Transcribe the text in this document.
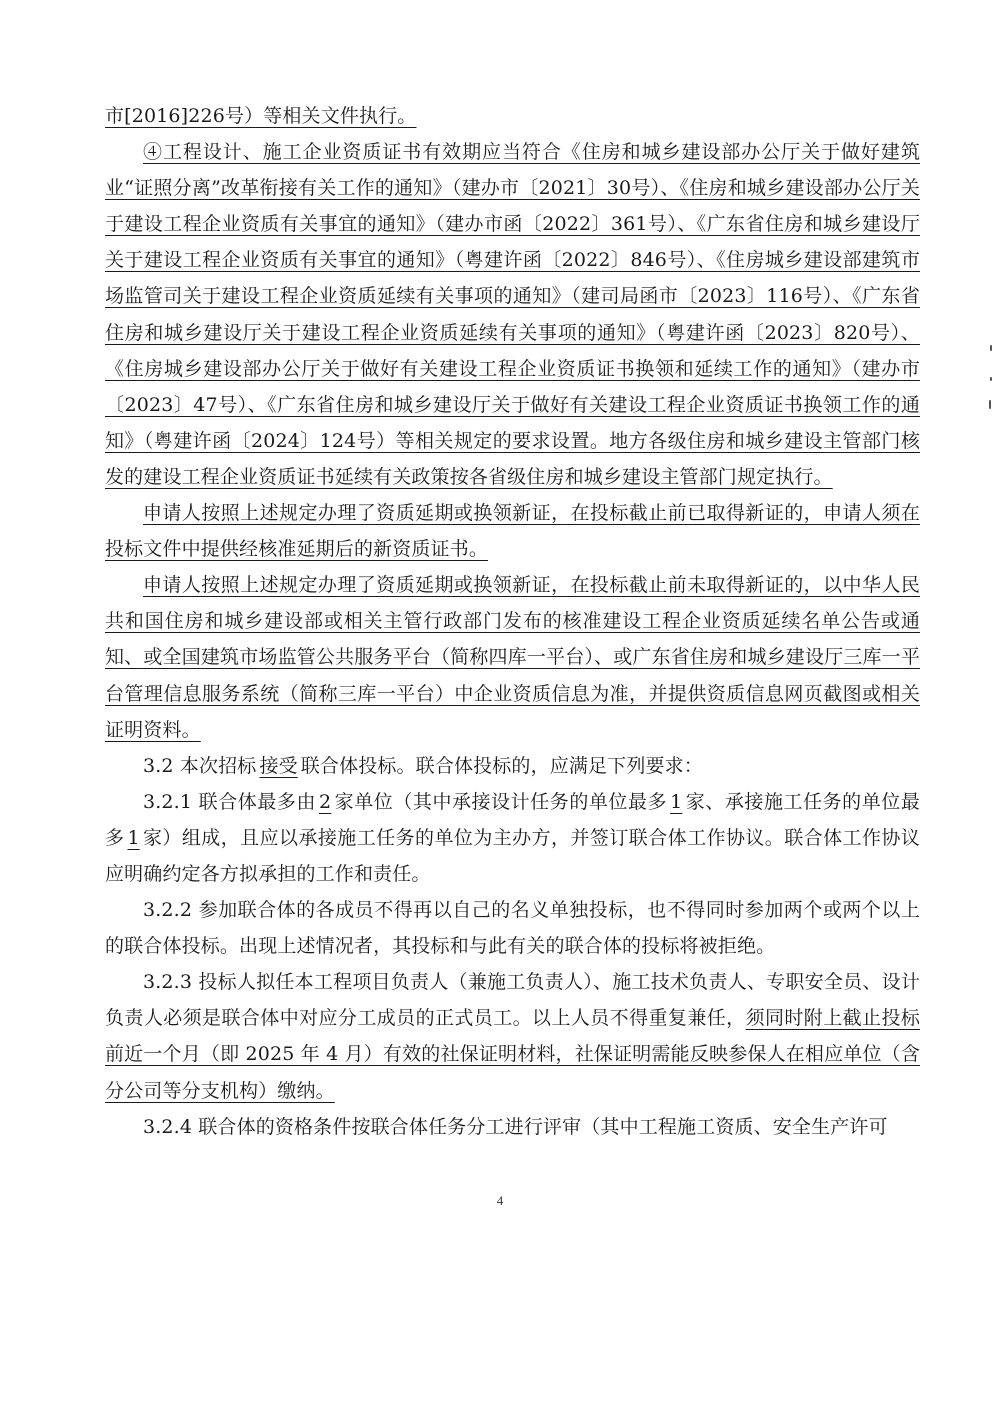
市[2016]226号）等相关文件执行。

④工程设计、施工企业资质证书有效期应当符合《住房和城乡建设部办公厅关于做好建筑业“证照分离”改革衔接有关工作的通知》（建办市〔2021〕30号）、《住房和城乡建设部办公厅关于建设工程企业资质有关事宜的通知》（建办市函〔2022〕361号）、《广东省住房和城乡建设厅关于建设工程企业资质有关事宜的通知》（粤建许函〔2022〕846号）、《住房城乡建设部建筑市场监管司关于建设工程企业资质延续有关事项的通知》（建司局函市〔2023〕116号）、《广东省住房和城乡建设厅关于建设工程企业资质延续有关事项的通知》（粤建许函〔2023〕820号）、《住房城乡建设部办公厅关于做好有关建设工程企业资质证书换领和延续工作的通知》（建办市〔2023〕47号）、《广东省住房和城乡建设厅关于做好有关建设工程企业资质证书换领工作的通知》（粤建许函〔2024〕124号）等相关规定的要求设置。地方各级住房和城乡建设主管部门核发的建设工程企业资质证书延续有关政策按各省级住房和城乡建设主管部门规定执行。

申请人按照上述规定办理了资质延期或换领新证，在投标截止前已取得新证的，申请人须在投标文件中提供经核准延期后的新资质证书。

申请人按照上述规定办理了资质延期或换领新证，在投标截止前未取得新证的，以中华人民共和国住房和城乡建设部或相关主管行政部门发布的核准建设工程企业资质延续名单公告或通知、或全国建筑市场监管公共服务平台（简称四库一平台）、或广东省住房和城乡建设厅三库一平台管理信息服务系统（简称三库一平台）中企业资质信息为准，并提供资质信息网页截图或相关证明资料。

3.2 本次招标 接受 联合体投标。联合体投标的，应满足下列要求：

3.2.1 联合体最多由 2 家单位（其中承接设计任务的单位最多 1 家、承接施工任务的单位最多 1 家）组成，且应以承接施工任务的单位为主办方，并签订联合体工作协议。联合体工作协议应明确约定各方拟承担的工作和责任。

3.2.2 参加联合体的各成员不得再以自己的名义单独投标，也不得同时参加两个或两个以上的联合体投标。出现上述情况者，其投标和与此有关的联合体的投标将被拒绝。

3.2.3 投标人拟任本工程项目负责人（兼施工负责人）、施工技术负责人、专职安全员、设计负责人必须是联合体中对应分工成员的正式员工。以上人员不得重复兼任，须同时附上截止投标前近一个月（即 2025 年 4 月）有效的社保证明材料，社保证明需能反映参保人在相应单位（含分公司等分支机构）缴纳。

3.2.4 联合体的资格条件按联合体任务分工进行评审（其中工程施工资质、安全生产许可

4
